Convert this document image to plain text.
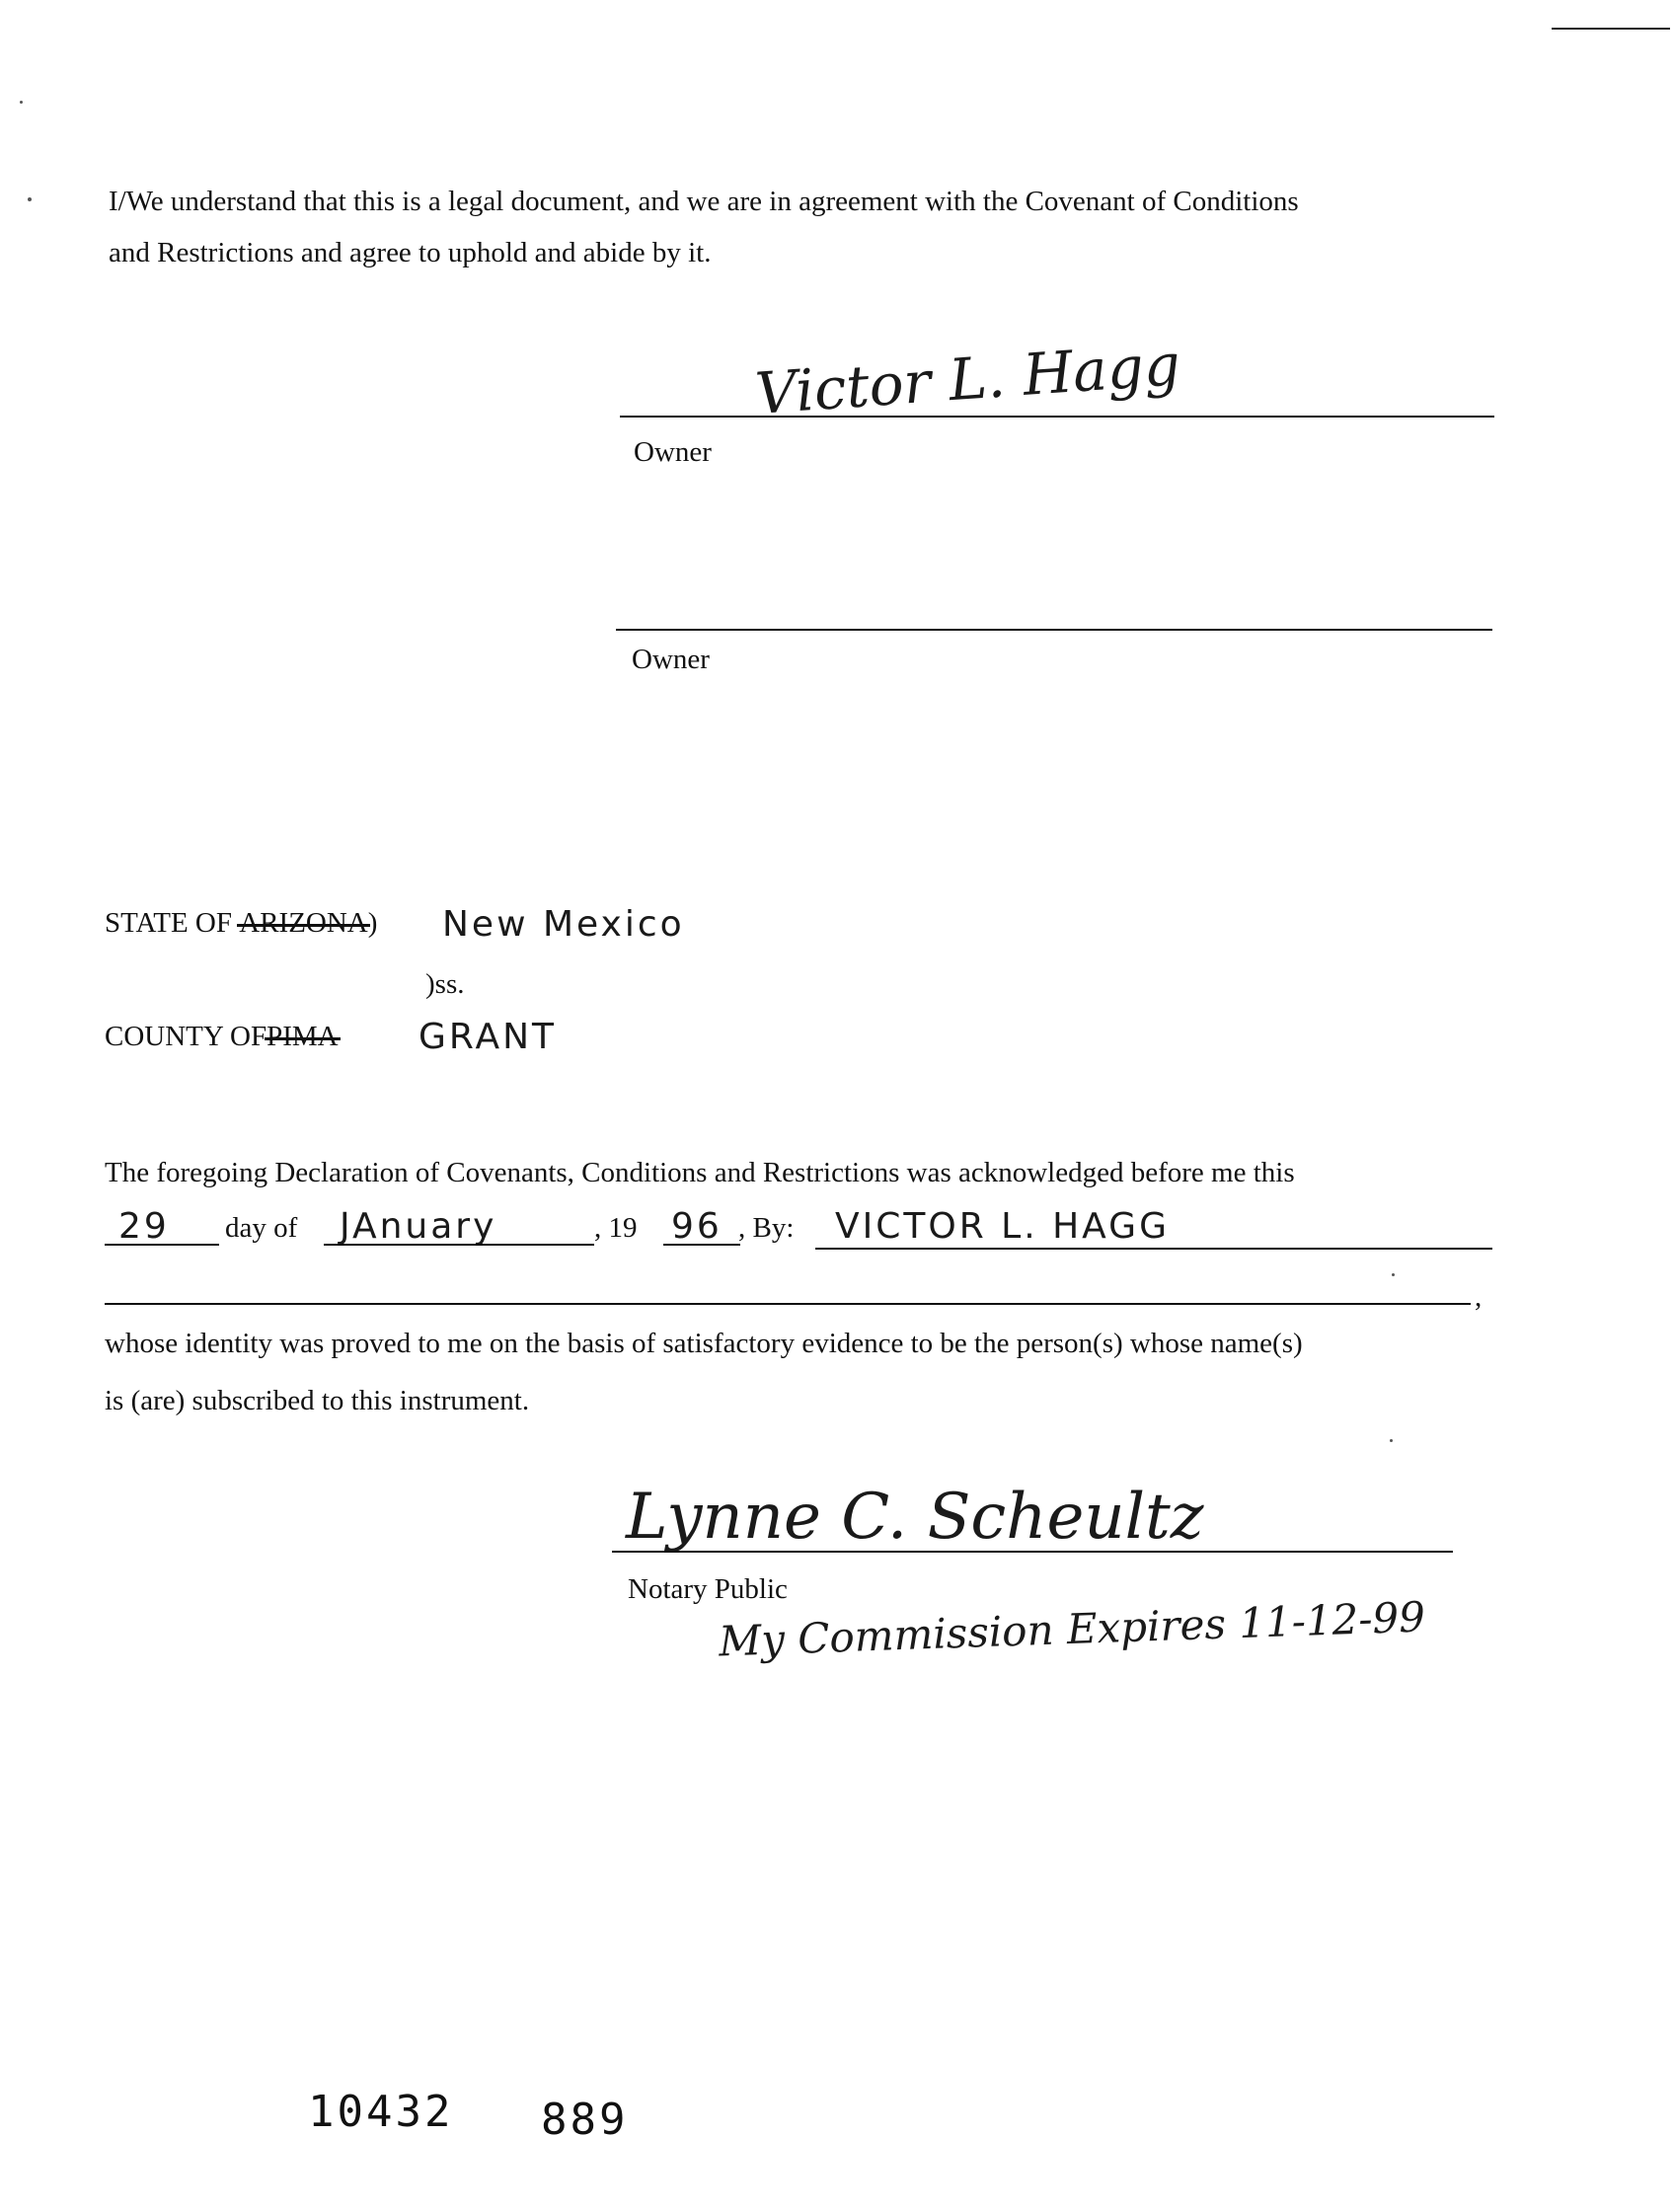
I/We understand that this is a legal document, and we are in agreement with the Covenant of Conditions
and Restrictions and agree to uphold and abide by it.
Victor L. Hagg
Owner
Owner
STATE OF ARIZONA) New Mexico
)ss.
COUNTY OFPIMA GRANT
The foregoing Declaration of Covenants, Conditions and Restrictions was acknowledged before me this
29 day of JAnuary	, 19 96 , By: VICTOR L. HAGG
,
whose identity was proved to me on the basis of satisfactory evidence to be the person(s) whose name(s)
is (are) subscribed to this instrument.
Lynne C. Scheultz
Notary Public
My Commission Expires 11-12-99
10432 889
